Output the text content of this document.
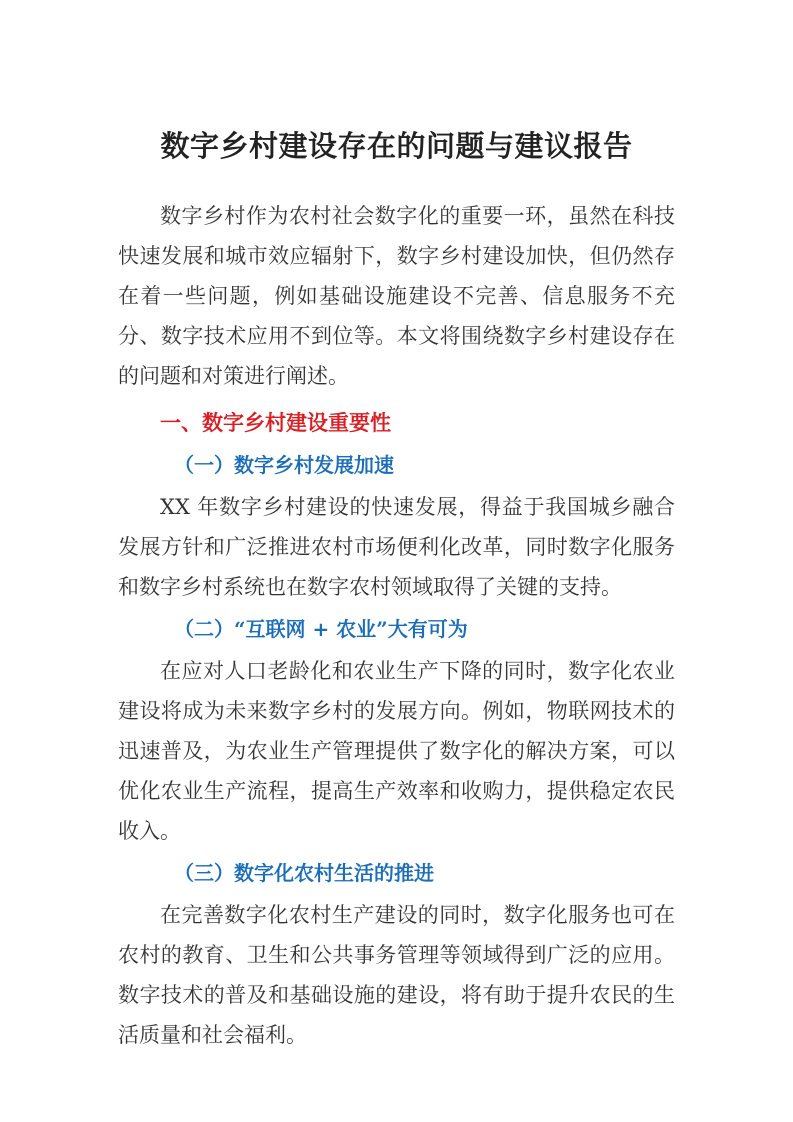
数字乡村建设存在的问题与建议报告

数字乡村作为农村社会数字化的重要一环，虽然在科技快速发展和城市效应辐射下，数字乡村建设加快，但仍然存在着一些问题，例如基础设施建设不完善、信息服务不充分、数字技术应用不到位等。本文将围绕数字乡村建设存在的问题和对策进行阐述。

一、数字乡村建设重要性
（一）数字乡村发展加速

XX 年数字乡村建设的快速发展，得益于我国城乡融合发展方针和广泛推进农村市场便利化改革，同时数字化服务和数字乡村系统也在数字农村领域取得了关键的支持。

（二）“互联网 + 农业”大有可为

在应对人口老龄化和农业生产下降的同时，数字化农业建设将成为未来数字乡村的发展方向。例如，物联网技术的迅速普及，为农业生产管理提供了数字化的解决方案，可以优化农业生产流程，提高生产效率和收购力，提供稳定农民收入。

（三）数字化农村生活的推进

在完善数字化农村生产建设的同时，数字化服务也可在农村的教育、卫生和公共事务管理等领域得到广泛的应用。数字技术的普及和基础设施的建设，将有助于提升农民的生活质量和社会福利。
